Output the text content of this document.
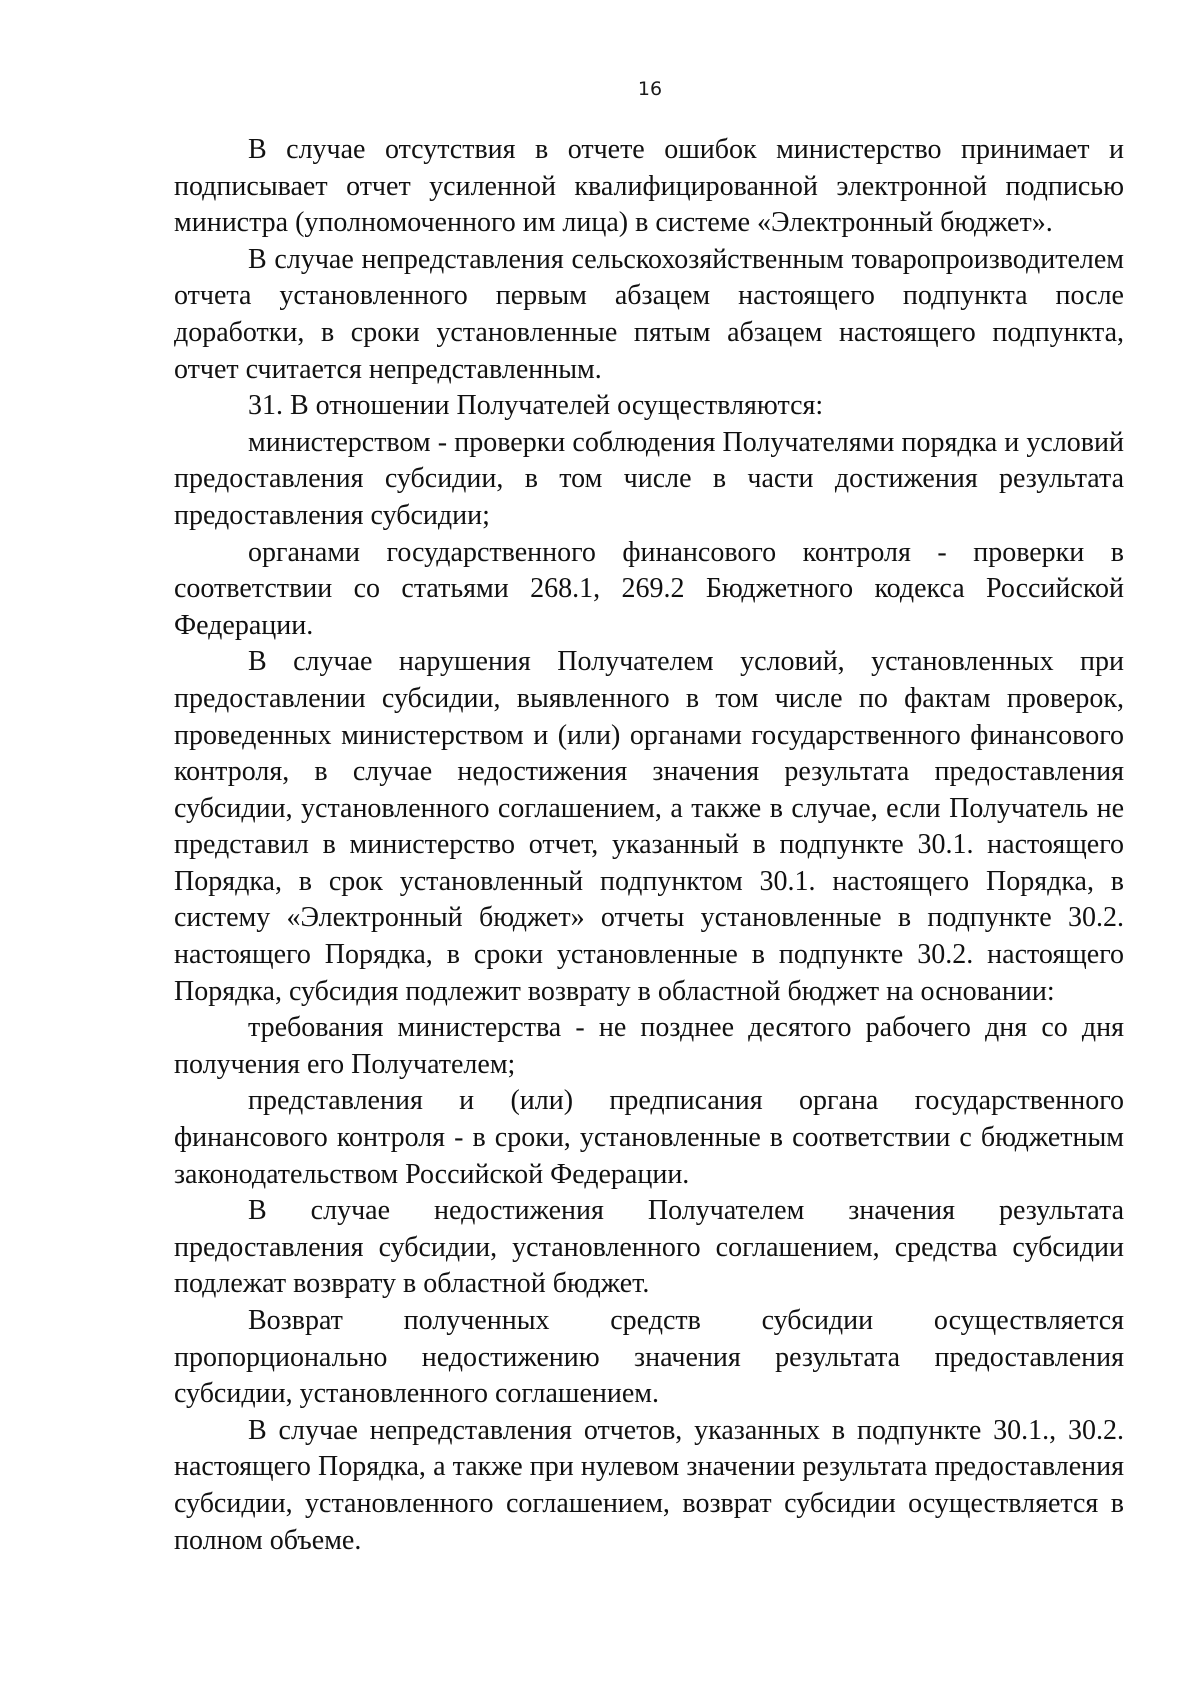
16

В случае отсутствия в отчете ошибок министерство принимает и подписывает отчет усиленной квалифицированной электронной подписью министра (уполномоченного им лица) в системе «Электронный бюджет».

В случае непредставления сельскохозяйственным товаропроизводителем отчета установленного первым абзацем настоящего подпункта после доработки, в сроки установленные пятым абзацем настоящего подпункта, отчет считается непредставленным.

31. В отношении Получателей осуществляются:

министерством - проверки соблюдения Получателями порядка и условий предоставления субсидии, в том числе в части достижения результата предоставления субсидии;

органами государственного финансового контроля - проверки в соответствии со статьями 268.1, 269.2 Бюджетного кодекса Российской Федерации.

В случае нарушения Получателем условий, установленных при предоставлении субсидии, выявленного в том числе по фактам проверок, проведенных министерством и (или) органами государственного финансового контроля, в случае недостижения значения результата предоставления субсидии, установленного соглашением, а также в случае, если Получатель не представил в министерство отчет, указанный в подпункте 30.1. настоящего Порядка, в срок установленный подпунктом 30.1. настоящего Порядка, в систему «Электронный бюджет» отчеты установленные в подпункте 30.2. настоящего Порядка, в сроки установленные в подпункте 30.2. настоящего Порядка, субсидия подлежит возврату в областной бюджет на основании:

требования министерства - не позднее десятого рабочего дня со дня получения его Получателем;

представления и (или) предписания органа государственного финансового контроля - в сроки, установленные в соответствии с бюджетным законодательством Российской Федерации.

В случае недостижения Получателем значения результата предоставления субсидии, установленного соглашением, средства субсидии подлежат возврату в областной бюджет.

Возврат полученных средств субсидии осуществляется пропорционально недостижению значения результата предоставления субсидии, установленного соглашением.

В случае непредставления отчетов, указанных в подпункте 30.1., 30.2. настоящего Порядка, а также при нулевом значении результата предоставления субсидии, установленного соглашением, возврат субсидии осуществляется в полном объеме.
